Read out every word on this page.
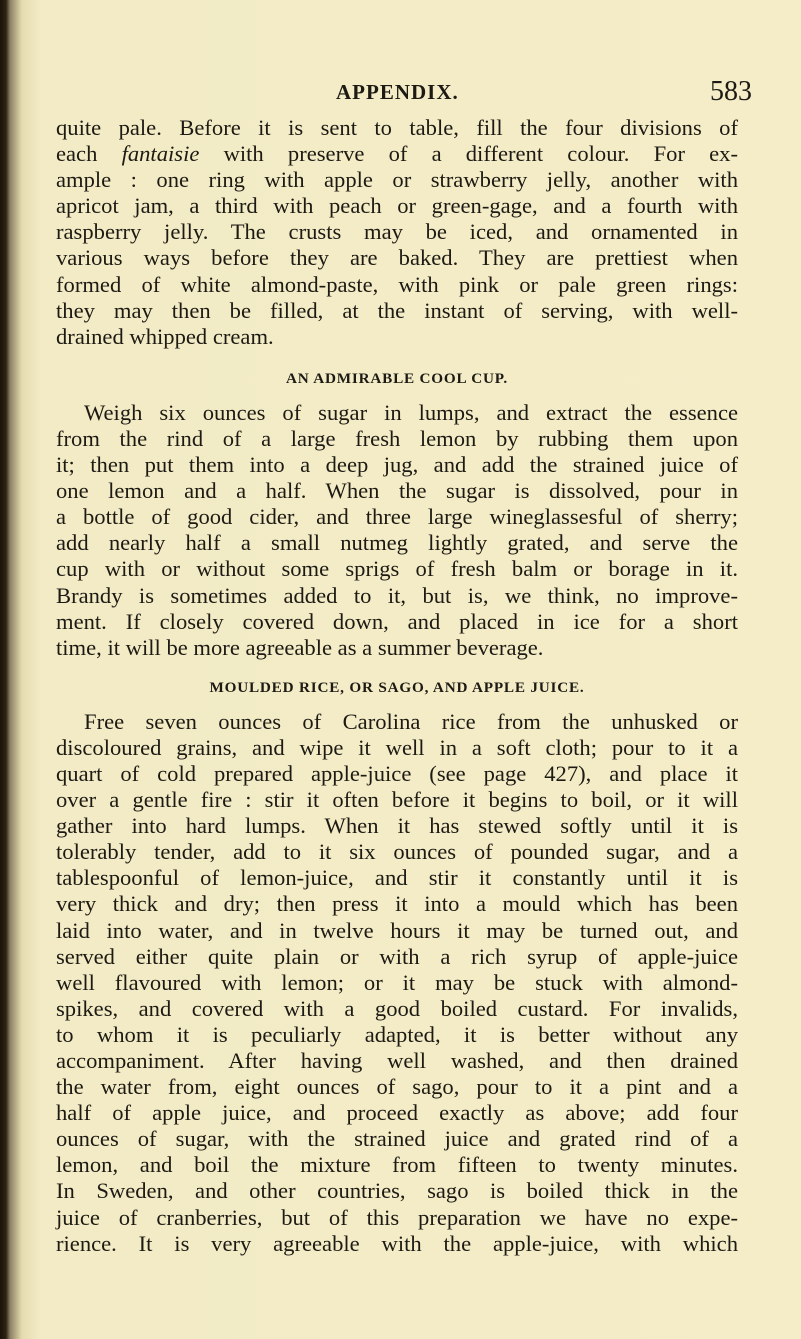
APPENDIX.	583

quite pale. Before it is sent to table, fill the four divisions of
each fantaisie with preserve of a different colour. For ex-
ample : one ring with apple or strawberry jelly, another with
apricot jam, a third with peach or green-gage, and a fourth with
raspberry jelly. The crusts may be iced, and ornamented in
various ways before they are baked. They are prettiest when
formed of white almond-paste, with pink or pale green rings:
they may then be filled, at the instant of serving, with well-
drained whipped cream.

AN ADMIRABLE COOL CUP.

Weigh six ounces of sugar in lumps, and extract the essence
from the rind of a large fresh lemon by rubbing them upon
it; then put them into a deep jug, and add the strained juice of
one lemon and a half. When the sugar is dissolved, pour in
a bottle of good cider, and three large wineglassesful of sherry;
add nearly half a small nutmeg lightly grated, and serve the
cup with or without some sprigs of fresh balm or borage in it.
Brandy is sometimes added to it, but is, we think, no improve-
ment. If closely covered down, and placed in ice for a short
time, it will be more agreeable as a summer beverage.

MOULDED RICE, OR SAGO, AND APPLE JUICE.

Free seven ounces of Carolina rice from the unhusked or
discoloured grains, and wipe it well in a soft cloth; pour to it a
quart of cold prepared apple-juice (see page 427), and place it
over a gentle fire : stir it often before it begins to boil, or it will
gather into hard lumps. When it has stewed softly until it is
tolerably tender, add to it six ounces of pounded sugar, and a
tablespoonful of lemon-juice, and stir it constantly until it is
very thick and dry; then press it into a mould which has been
laid into water, and in twelve hours it may be turned out, and
served either quite plain or with a rich syrup of apple-juice
well flavoured with lemon; or it may be stuck with almond-
spikes, and covered with a good boiled custard. For invalids,
to whom it is peculiarly adapted, it is better without any
accompaniment. After having well washed, and then drained
the water from, eight ounces of sago, pour to it a pint and a
half of apple juice, and proceed exactly as above; add four
ounces of sugar, with the strained juice and grated rind of a
lemon, and boil the mixture from fifteen to twenty minutes.
In Sweden, and other countries, sago is boiled thick in the
juice of cranberries, but of this preparation we have no expe-
rience. It is very agreeable with the apple-juice, with which
